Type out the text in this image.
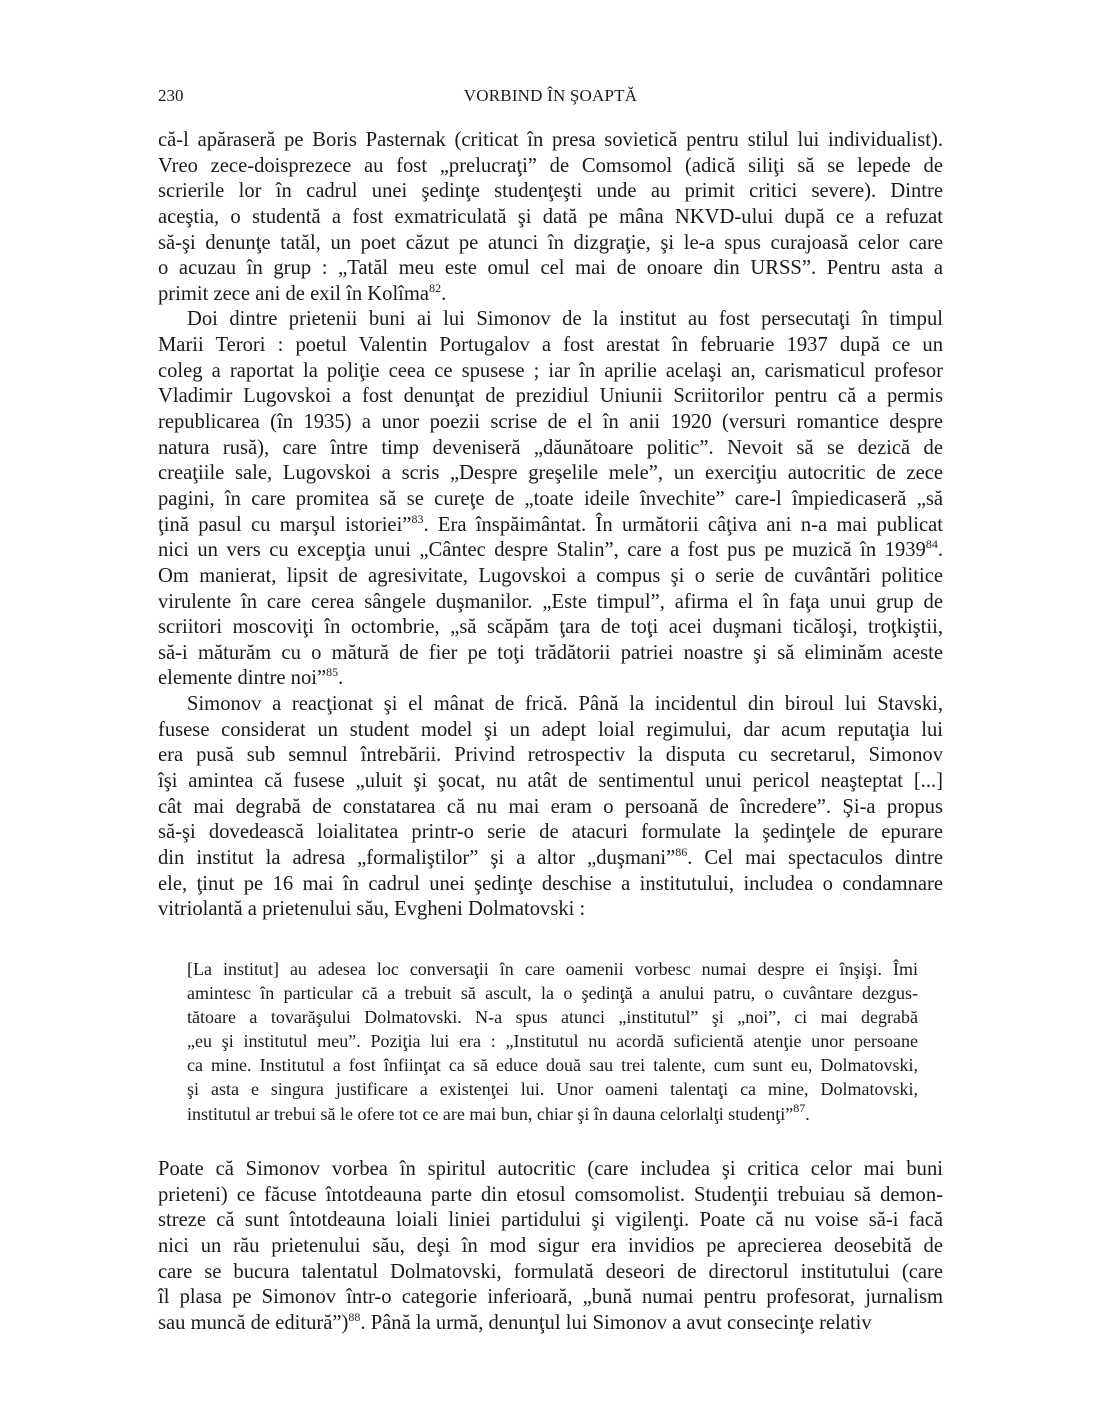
230	VORBIND ÎN ŞOAPTĂ
că-l apăraseră pe Boris Pasternak (criticat în presa sovietică pentru stilul lui individualist).
Vreo zece-doisprezece au fost „prelucraţi” de Comsomol (adică siliţi să se lepede de
scrierile lor în cadrul unei şedinţe studenţeşti unde au primit critici severe). Dintre
aceştia, o studentă a fost exmatriculată şi dată pe mâna NKVD-ului după ce a refuzat
să-şi denunţe tatăl, un poet căzut pe atunci în dizgraţie, şi le-a spus curajoasă celor care
o acuzau în grup : „Tatăl meu este omul cel mai de onoare din URSS”. Pentru asta a
primit zece ani de exil în Kolîma$^{82}$.
Doi dintre prietenii buni ai lui Simonov de la institut au fost persecutaţi în timpul
Marii Terori : poetul Valentin Portugalov a fost arestat în februarie 1937 după ce un
coleg a raportat la poliţie ceea ce spusese ; iar în aprilie acelaşi an, carismaticul profesor
Vladimir Lugovskoi a fost denunţat de prezidiul Uniunii Scriitorilor pentru că a permis
republicarea (în 1935) a unor poezii scrise de el în anii 1920 (versuri romantice despre
natura rusă), care între timp deveniseră „dăunătoare politic”. Nevoit să se dezică de
creaţiile sale, Lugovskoi a scris „Despre greşelile mele”, un exerciţiu autocritic de zece
pagini, în care promitea să se cureţe de „toate ideile învechite” care-l împiedicaseră „să
ţină pasul cu marşul istoriei”$^{83}$. Era înspăimântat. În următorii câţiva ani n-a mai publicat
nici un vers cu excepţia unui „Cântec despre Stalin”, care a fost pus pe muzică în 1939$^{84}$.
Om manierat, lipsit de agresivitate, Lugovskoi a compus şi o serie de cuvântări politice
virulente în care cerea sângele duşmanilor. „Este timpul”, afirma el în faţa unui grup de
scriitori moscoviţi în octombrie, „să scăpăm ţara de toţi acei duşmani ticăloşi, troţkiştii,
să-i măturăm cu o mătură de fier pe toţi trădătorii patriei noastre şi să eliminăm aceste
elemente dintre noi”$^{85}$.
Simonov a reacţionat şi el mânat de frică. Până la incidentul din biroul lui Stavski,
fusese considerat un student model şi un adept loial regimului, dar acum reputaţia lui
era pusă sub semnul întrebării. Privind retrospectiv la disputa cu secretarul, Simonov
îşi amintea că fusese „uluit şi şocat, nu atât de sentimentul unui pericol neaşteptat [...]
cât mai degrabă de constatarea că nu mai eram o persoană de încredere”. Şi-a propus
să-şi dovedească loialitatea printr-o serie de atacuri formulate la şedinţele de epurare
din institut la adresa „formaliştilor” şi a altor „duşmani”$^{86}$. Cel mai spectaculos dintre
ele, ţinut pe 16 mai în cadrul unei şedinţe deschise a institutului, includea o condamnare
vitriolantă a prietenului său, Evgheni Dolmatovski :
[La institut] au adesea loc conversaţii în care oamenii vorbesc numai despre ei înşişi. Îmi
amintesc în particular că a trebuit să ascult, la o şedinţă a anului patru, o cuvântare dezgus-
tătoare a tovarăşului Dolmatovski. N-a spus atunci „institutul” şi „noi”, ci mai degrabă
„eu şi institutul meu”. Poziţia lui era : „Institutul nu acordă suficientă atenţie unor persoane
ca mine. Institutul a fost înfiinţat ca să educe două sau trei talente, cum sunt eu, Dolmatovski,
şi asta e singura justificare a existenţei lui. Unor oameni talentaţi ca mine, Dolmatovski,
institutul ar trebui să le ofere tot ce are mai bun, chiar şi în dauna celorlalţi studenţi”$^{87}$.
Poate că Simonov vorbea în spiritul autocritic (care includea şi critica celor mai buni
prieteni) ce făcuse întotdeauna parte din etosul comsomolist. Studenţii trebuiau să demon-
streze că sunt întotdeauna loiali liniei partidului şi vigilenţi. Poate că nu voise să-i facă
nici un rău prietenului său, deşi în mod sigur era invidios pe aprecierea deosebită de
care se bucura talentatul Dolmatovski, formulată deseori de directorul institutului (care
îl plasa pe Simonov într-o categorie inferioară, „bună numai pentru profesorat, jurnalism
sau muncă de editură”)$^{88}$. Până la urmă, denunţul lui Simonov a avut consecinţe relativ
